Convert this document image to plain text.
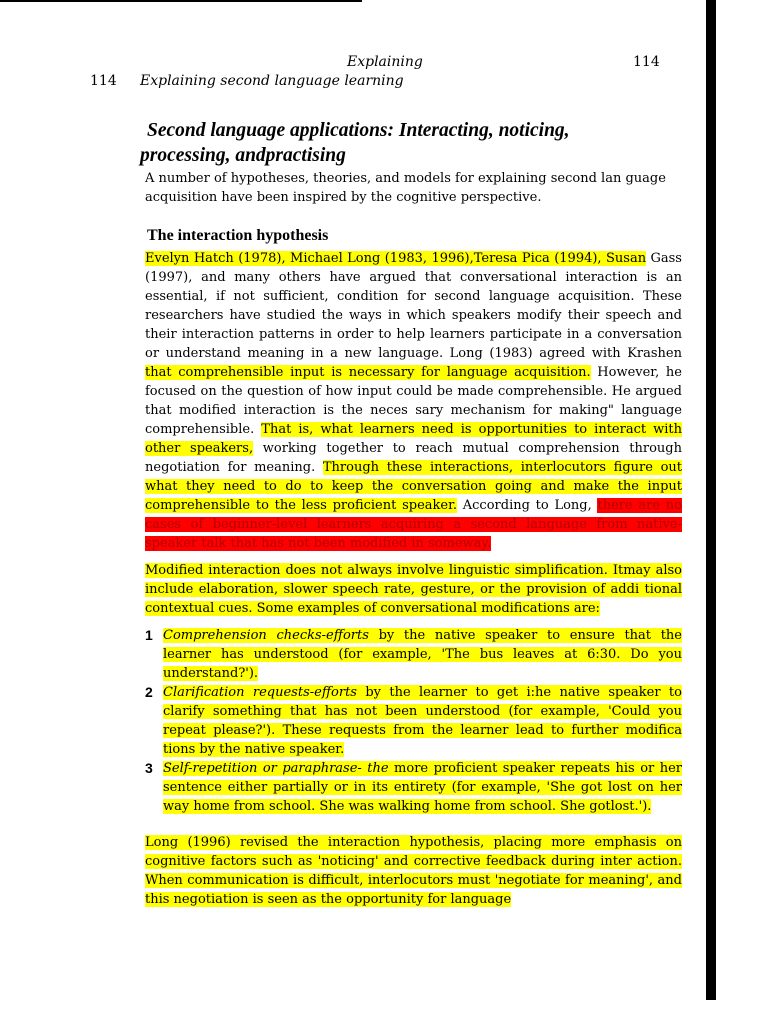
Explaining	114
114 Explaining second language learning
Second language applications: Interacting, noticing,
processing, andpractising

A number of hypotheses, theories, and models for explaining second lan guage acquisition have been inspired by the cognitive perspective.

The interaction hypothesis

Evelyn Hatch (1978), Michael Long (1983, 1996),Teresa Pica (1994), Susan Gass (1997), and many others have argued that conversational interaction is an essential, if not sufficient, condition for second language acquisition. These researchers have studied the ways in which speakers modify their speech and their interaction patterns in order to help learners participate in a conversation or understand meaning in a new language. Long (1983) agreed with Krashen that comprehensible input is necessary for language acquisition. However, he focused on the question of how input could be made comprehensible. He argued that modified interaction is the neces sary mechanism for making" language comprehensible. That is, what learners need is opportunities to interact with other speakers, working together to reach mutual comprehension through negotiation for meaning. Through these interactions, interlocutors figure out what they need to do to keep the conversation going and make the input comprehensible to the less proficient speaker. According to Long, there are no cases of beginner-level learners acquiring a second language from native-speaker talk that has not been modified in someway.

Modified interaction does not always involve linguistic simplification. Itmay also include elaboration, slower speech rate, gesture, or the provision of addi tional contextual cues. Some examples of conversational modifications are:

1 Comprehension checks-efforts by the native speaker to ensure that the learner has understood (for example, 'The bus leaves at 6:30. Do you understand?').
2 Clarification requests-efforts by the learner to get i:he native speaker to clarify something that has not been understood (for example, 'Could you repeat please?'). These requests from the learner lead to further modifica tions by the native speaker.
3 Self-repetition or paraphrase- the more proficient speaker repeats his or her sentence either partially or in its entirety (for example, 'She got lost on her way home from school. She was walking home from school. She gotlost.').

Long (1996) revised the interaction hypothesis, placing more emphasis on cognitive factors such as 'noticing' and corrective feedback during inter action. When communication is difficult, interlocutors must 'negotiate for meaning', and this negotiation is seen as the opportunity for language
